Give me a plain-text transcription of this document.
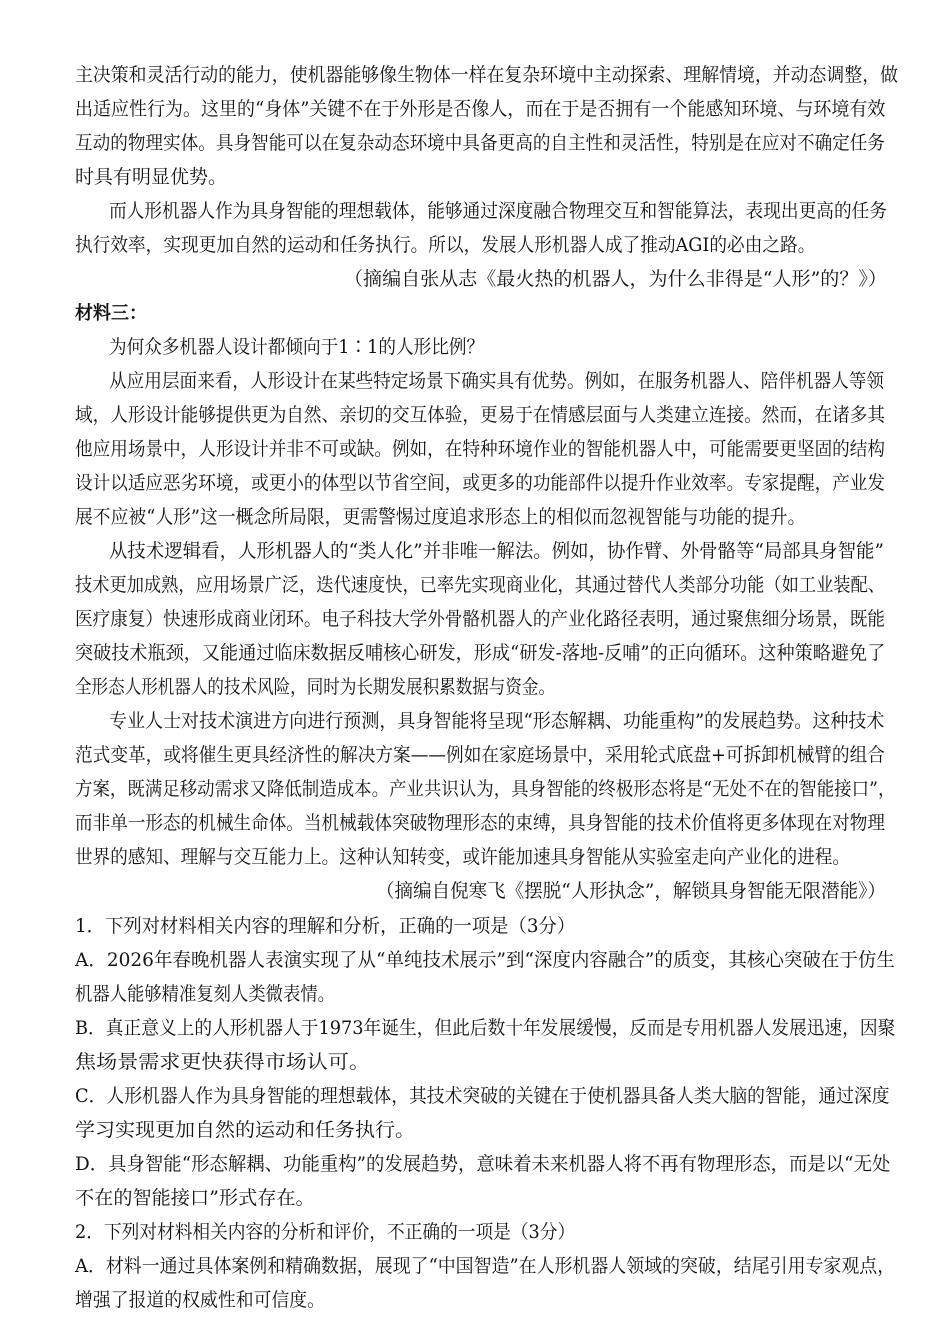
主决策和灵活行动的能力，使机器能够像生物体一样在复杂环境中主动探索、理解情境，并动态调整，做
出适应性行为。这里的“身体”关键不在于外形是否像人，而在于是否拥有一个能感知环境、与环境有效
互动的物理实体。具身智能可以在复杂动态环境中具备更高的自主性和灵活性，特别是在应对不确定任务
时具有明显优势。
而人形机器人作为具身智能的理想载体，能够通过深度融合物理交互和智能算法，表现出更高的任务
执行效率，实现更加自然的运动和任务执行。所以，发展人形机器人成了推动AGI的必由之路。
（摘编自张从志《最火热的机器人，为什么非得是“人形”的？》）
材料三：
为何众多机器人设计都倾向于1∶1的人形比例？
从应用层面来看，人形设计在某些特定场景下确实具有优势。例如，在服务机器人、陪伴机器人等领
域，人形设计能够提供更为自然、亲切的交互体验，更易于在情感层面与人类建立连接。然而，在诸多其
他应用场景中，人形设计并非不可或缺。例如，在特种环境作业的智能机器人中，可能需要更坚固的结构
设计以适应恶劣环境，或更小的体型以节省空间，或更多的功能部件以提升作业效率。专家提醒，产业发
展不应被“人形”这一概念所局限，更需警惕过度追求形态上的相似而忽视智能与功能的提升。
从技术逻辑看，人形机器人的“类人化”并非唯一解法。例如，协作臂、外骨骼等“局部具身智能”
技术更加成熟，应用场景广泛，迭代速度快，已率先实现商业化，其通过替代人类部分功能（如工业装配、
医疗康复）快速形成商业闭环。电子科技大学外骨骼机器人的产业化路径表明，通过聚焦细分场景，既能
突破技术瓶颈，又能通过临床数据反哺核心研发，形成“研发-落地-反哺”的正向循环。这种策略避免了
全形态人形机器人的技术风险，同时为长期发展积累数据与资金。
专业人士对技术演进方向进行预测，具身智能将呈现“形态解耦、功能重构”的发展趋势。这种技术
范式变革，或将催生更具经济性的解决方案——例如在家庭场景中，采用轮式底盘+可拆卸机械臂的组合
方案，既满足移动需求又降低制造成本。产业共识认为，具身智能的终极形态将是“无处不在的智能接口”，
而非单一形态的机械生命体。当机械载体突破物理形态的束缚，具身智能的技术价值将更多体现在对物理
世界的感知、理解与交互能力上。这种认知转变，或许能加速具身智能从实验室走向产业化的进程。
（摘编自倪寒飞《摆脱“人形执念”，解锁具身智能无限潜能》）
1．下列对材料相关内容的理解和分析，正确的一项是（3分）
A．2026年春晚机器人表演实现了从“单纯技术展示”到“深度内容融合”的质变，其核心突破在于仿生
机器人能够精准复刻人类微表情。
B．真正意义上的人形机器人于1973年诞生，但此后数十年发展缓慢，反而是专用机器人发展迅速，因聚
焦场景需求更快获得市场认可。
C．人形机器人作为具身智能的理想载体，其技术突破的关键在于使机器具备人类大脑的智能，通过深度
学习实现更加自然的运动和任务执行。
D．具身智能“形态解耦、功能重构”的发展趋势，意味着未来机器人将不再有物理形态，而是以“无处
不在的智能接口”形式存在。
2．下列对材料相关内容的分析和评价，不正确的一项是（3分）
A．材料一通过具体案例和精确数据，展现了“中国智造”在人形机器人领域的突破，结尾引用专家观点，
增强了报道的权威性和可信度。
